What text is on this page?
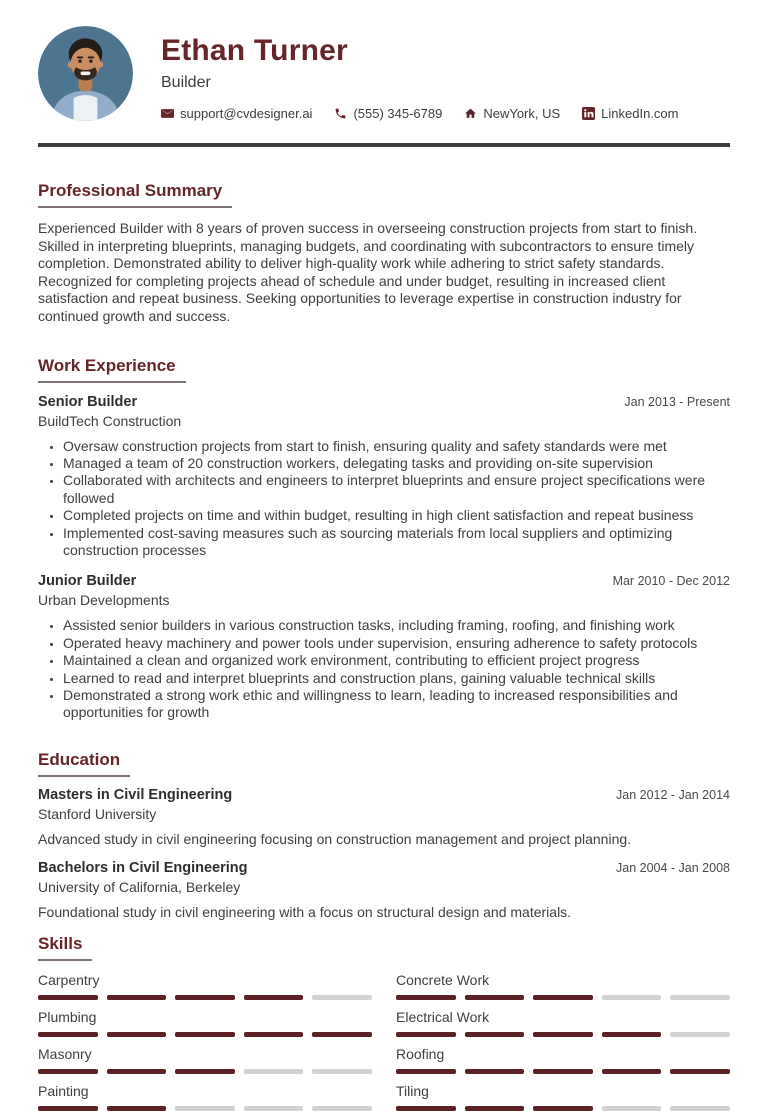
Ethan Turner
Builder
support@cvdesigner.ai	(555) 345-6789	NewYork, US	LinkedIn.com
Professional Summary

Experienced Builder with 8 years of proven success in overseeing construction projects from start to finish. Skilled in interpreting blueprints, managing budgets, and coordinating with subcontractors to ensure timely completion. Demonstrated ability to deliver high-quality work while adhering to strict safety standards. Recognized for completing projects ahead of schedule and under budget, resulting in increased client satisfaction and repeat business. Seeking opportunities to leverage expertise in construction industry for continued growth and success.

Work Experience
Senior Builder	Jan 2013 - Present
BuildTech Construction
• Oversaw construction projects from start to finish, ensuring quality and safety standards were met
• Managed a team of 20 construction workers, delegating tasks and providing on-site supervision
• Collaborated with architects and engineers to interpret blueprints and ensure project specifications were followed
• Completed projects on time and within budget, resulting in high client satisfaction and repeat business
• Implemented cost-saving measures such as sourcing materials from local suppliers and optimizing construction processes
Junior Builder	Mar 2010 - Dec 2012
Urban Developments
• Assisted senior builders in various construction tasks, including framing, roofing, and finishing work
• Operated heavy machinery and power tools under supervision, ensuring adherence to safety protocols
• Maintained a clean and organized work environment, contributing to efficient project progress
• Learned to read and interpret blueprints and construction plans, gaining valuable technical skills
• Demonstrated a strong work ethic and willingness to learn, leading to increased responsibilities and opportunities for growth
Education
Masters in Civil Engineering	Jan 2012 - Jan 2014
Stanford University

Advanced study in civil engineering focusing on construction management and project planning.

Bachelors in Civil Engineering	Jan 2004 - Jan 2008
University of California, Berkeley

Foundational study in civil engineering with a focus on structural design and materials.

Skills
Carpentry	Concrete Work
Plumbing	Electrical Work
Masonry	Roofing
Painting	Tiling
